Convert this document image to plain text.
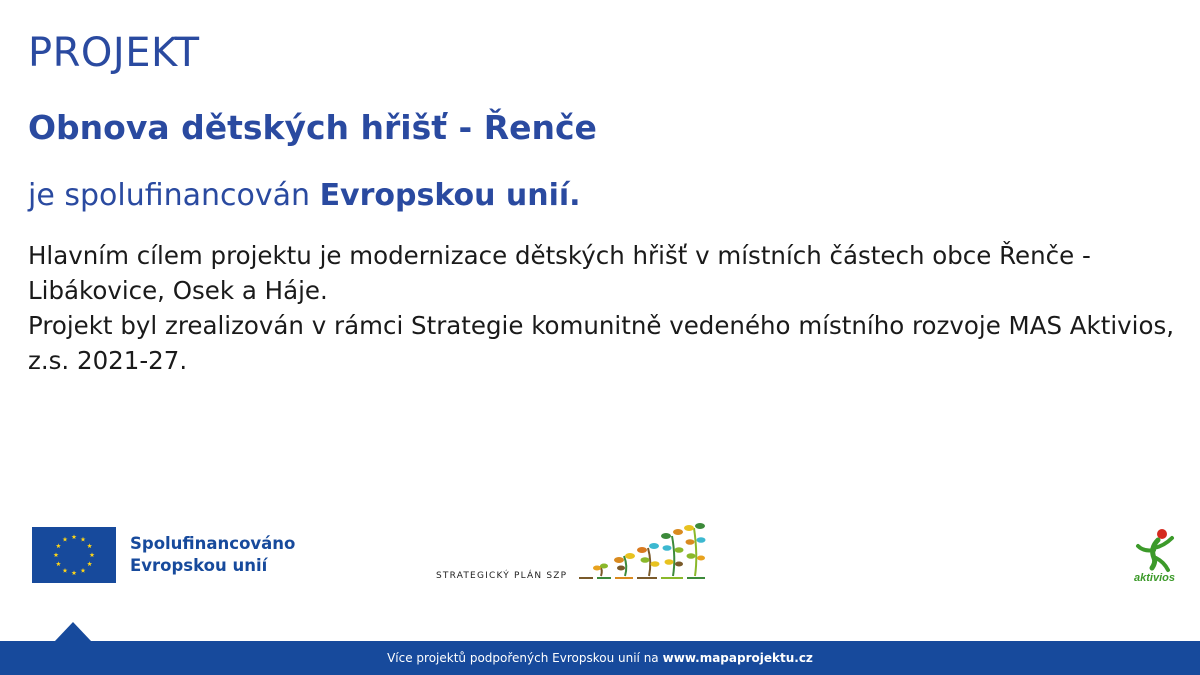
PROJEKT
Obnova dětských hřišť - Řenče
je spolufinancován Evropskou unií.

Hlavním cílem projektu je modernizace dětských hřišť v místních částech obce Řenče - Libákovice, Osek a Háje.

Projekt byl zrealizován v rámci Strategie komunitně vedeného místního rozvoje MAS Aktivios, z.s. 2021-27.

Spolufinancováno
Evropskou unií
STRATEGICKÝ PLÁN SZP	aktivios
Více projektů podpořených Evropskou unií na www.mapaprojektu.cz
